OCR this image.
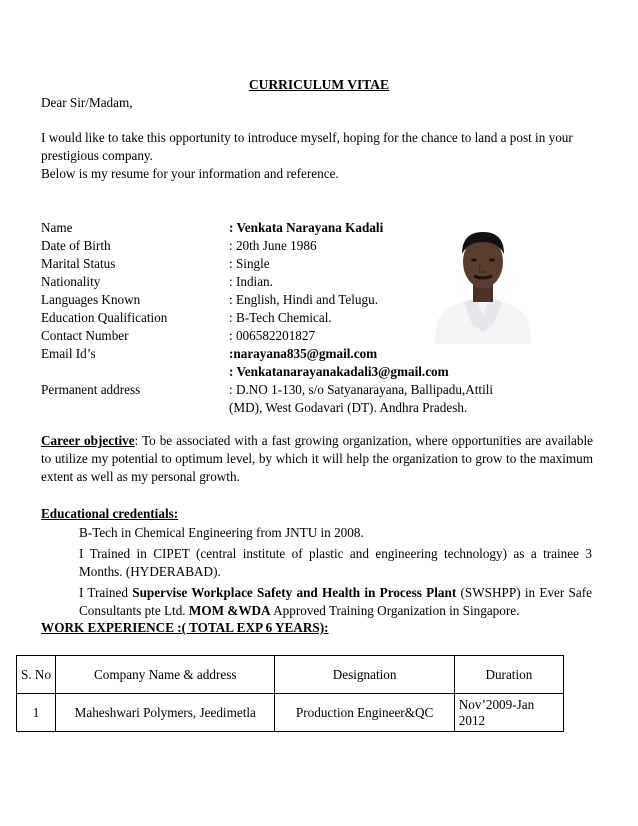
CURRICULUM VITAE
Dear Sir/Madam,
I would like to take this opportunity to introduce myself, hoping for the chance to land a post in your
prestigious company.
Below is my resume for your information and reference.
Name	: Venkata Narayana Kadali
Date of Birth	: 20th June 1986
Marital Status	: Single
Nationality	: Indian.
Languages Known	: English, Hindi and Telugu.
Education Qualification	: B-Tech Chemical.
Contact Number	: 006582201827
Email Id’s	:narayana835@gmail.com
: Venkatanarayanakadali3@gmail.com
Permanent address	: D.NO 1-130, s/o Satyanarayana, Ballipadu,Attili
(MD), West Godavari (DT). Andhra Pradesh.
Career objective: To be associated with a fast growing organization, where opportunities are available to utilize my potential to optimum level, by which it will help the organization to grow to the maximum extent as well as my personal growth.
Educational credentials:
B-Tech in Chemical Engineering from JNTU in 2008.
I Trained in CIPET (central institute of plastic and engineering technology) as a trainee 3 Months. (HYDERABAD).
I Trained Supervise Workplace Safety and Health in Process Plant (SWSHPP) in Ever Safe Consultants pte Ltd. MOM &WDA Approved Training Organization in Singapore.
WORK EXPERIENCE :( TOTAL EXP 6 YEARS):
S. No	Company Name & address	Designation	Duration
1	Maheshwari Polymers, Jeedimetla	Production Engineer&QC	Nov’2009-Jan 2012
